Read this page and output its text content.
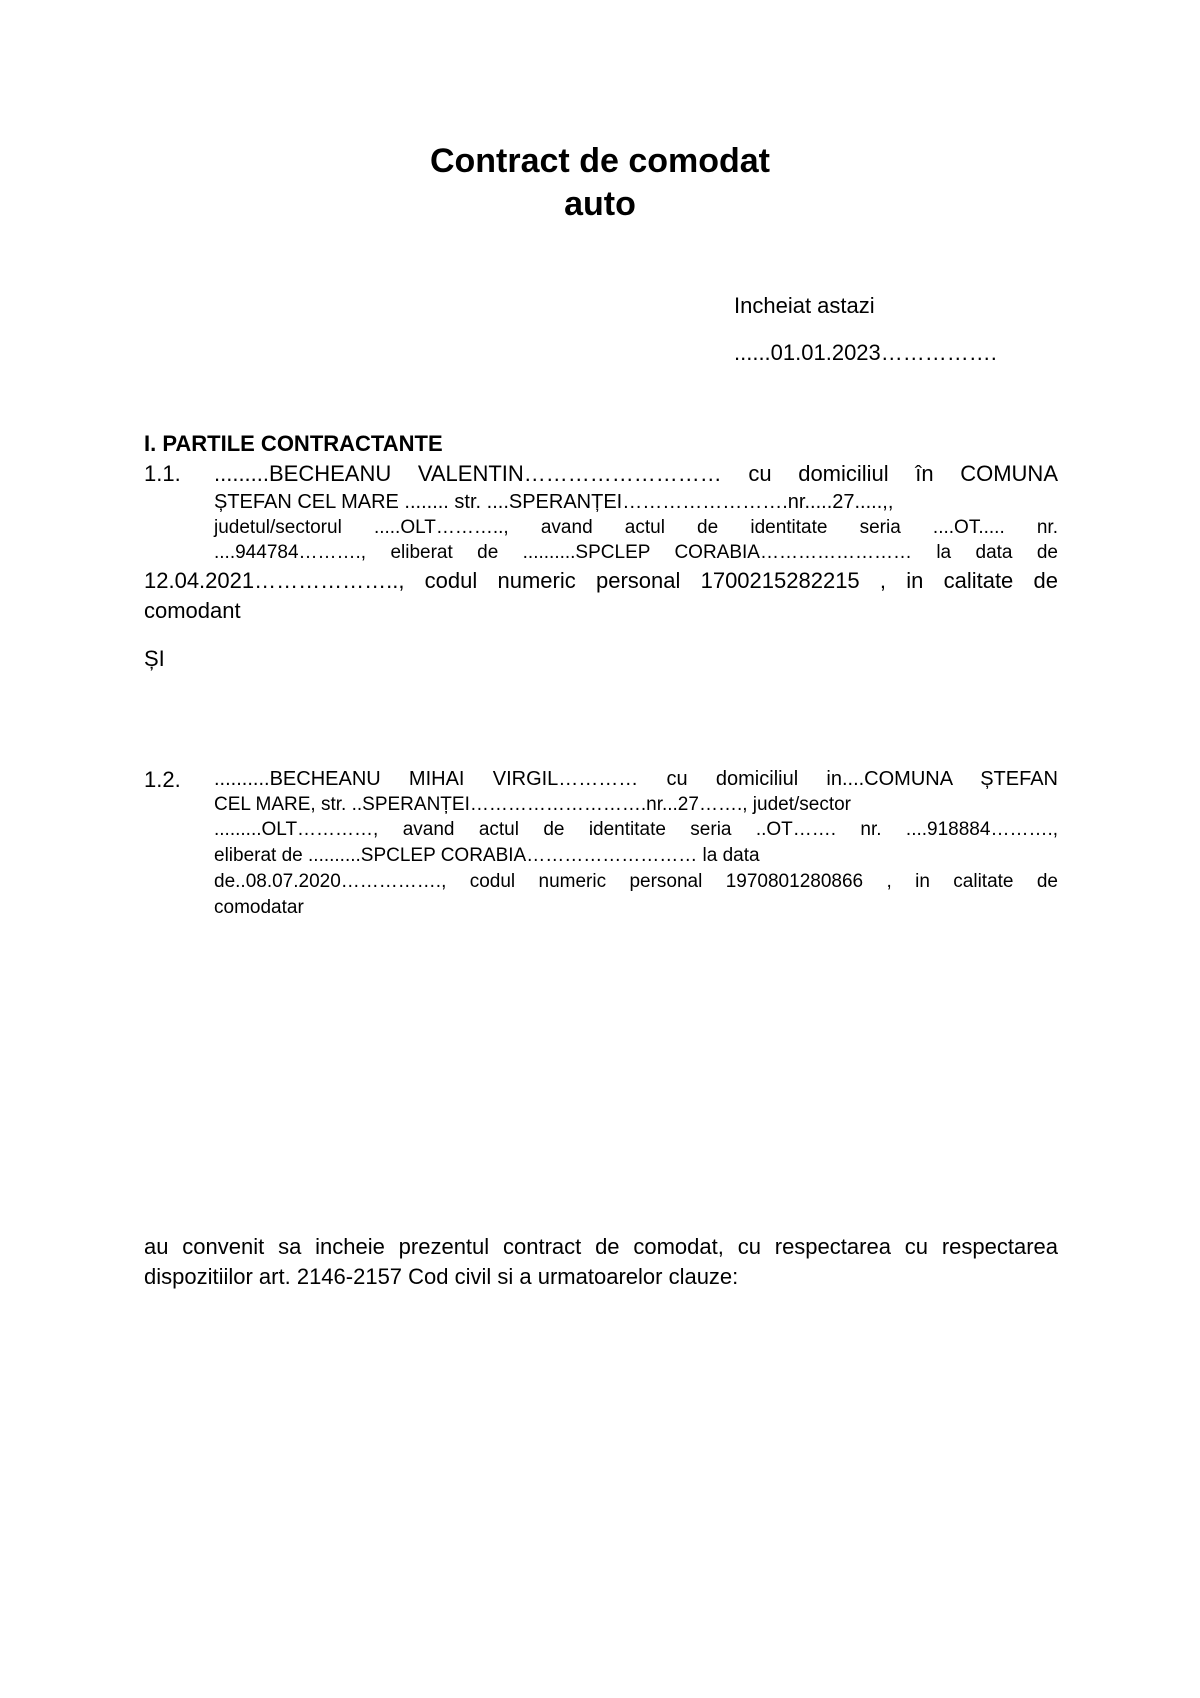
Contract de comodat
auto
Incheiat astazi
......01.01.2023…………….
I. PARTILE CONTRACTANTE
1.1. .........BECHEANU VALENTIN……………………… cu domiciliul în COMUNA
ȘTEFAN CEL MARE ........ str. ....SPERANȚEI…………………….nr.....27.....,,
judetul/sectorul .....OLT……….., avand actul de identitate seria ....OT..... nr.
....944784………., eliberat de ..........SPCLEP CORABIA…………………… la data de
12.04.2021……………….., codul numeric personal 1700215282215 , in calitate de
comodant
ȘI
1.2. ..........BECHEANU MIHAI VIRGIL………… cu domiciliul in....COMUNA ȘTEFAN
CEL MARE, str. ..SPERANȚEI……………………….nr...27……., judet/sector
.........OLT…………, avand actul de identitate seria ..OT……. nr. ....918884……….,
eliberat de ..........SPCLEP CORABIA……………………… la data
de..08.07.2020……………., codul numeric personal 1970801280866 , in calitate de
comodatar
au convenit sa incheie prezentul contract de comodat, cu respectarea cu respectarea
dispozitiilor art. 2146-2157 Cod civil si a urmatoarelor clauze:
